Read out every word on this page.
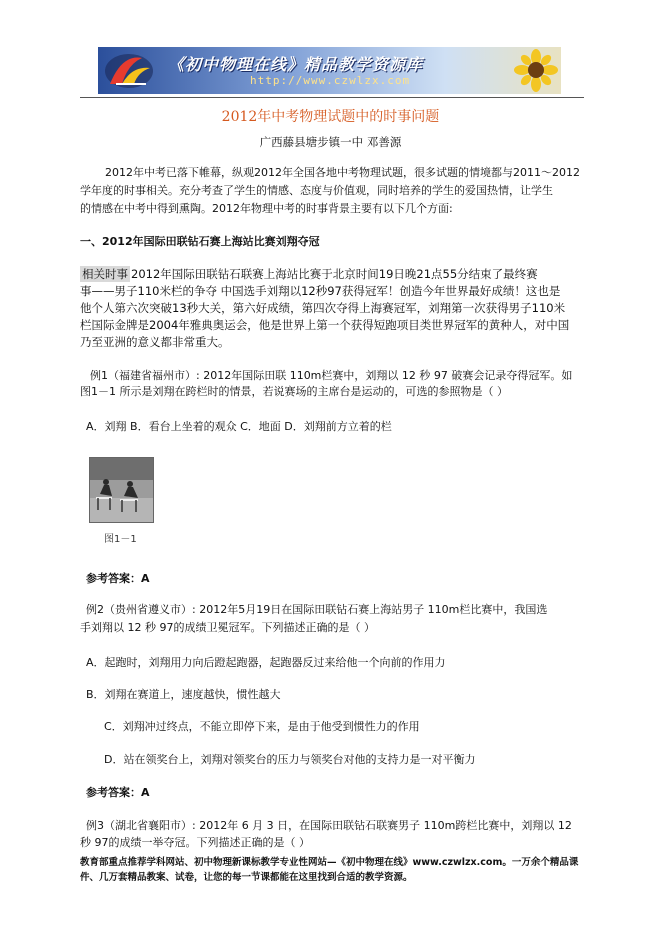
《初中物理在线》精品教学资源库
http://www.czwlzx.com
2012年中考物理试题中的时事问题
广西藤县塘步镇一中 邓善源
2012年中考已落下帷幕，纵观2012年全国各地中考物理试题，很多试题的情境都与2011～2012
学年度的时事相关。充分考查了学生的情感、态度与价值观，同时培养的学生的爱国热情，让学生
的情感在中考中得到熏陶。2012年物理中考的时事背景主要有以下几个方面:
一、2012年国际田联钻石赛上海站比赛刘翔夺冠
相关时事 2012年国际田联钻石联赛上海站比赛于北京时间19日晚21点55分结束了最终赛
事——男子110米栏的争夺 中国选手刘翔以12秒97获得冠军！创造今年世界最好成绩！这也是
他个人第六次突破13秒大关，第六好成绩，第四次夺得上海赛冠军，刘翔第一次获得男子110米
栏国际金牌是2004年雅典奥运会，他是世界上第一个获得短跑项目类世界冠军的黄种人，对中国
乃至亚洲的意义都非常重大。
例1（福建省福州市）: 2012年国际田联 110m栏赛中，刘翔以 12 秒 97 破赛会记录夺得冠军。如
图1－1 所示是刘翔在跨栏时的情景，若说赛场的主席台是运动的，可选的参照物是（ ）
A．刘翔 B．看台上坐着的观众 C．地面 D．刘翔前方立着的栏
图1－1
参考答案：A
例2（贵州省遵义市）: 2012年5月19日在国际田联钻石赛上海站男子 110m栏比赛中，我国选
手刘翔以 12 秒 97的成绩卫冕冠军。下列描述正确的是（ ）
A．起跑时，刘翔用力向后蹬起跑器，起跑器反过来给他一个向前的作用力
B．刘翔在赛道上，速度越快，惯性越大
C．刘翔冲过终点，不能立即停下来，是由于他受到惯性力的作用
D．站在领奖台上，刘翔对领奖台的压力与领奖台对他的支持力是一对平衡力
参考答案：A
例3（湖北省襄阳市）: 2012年 6 月 3 日，在国际田联钻石联赛男子 110m跨栏比赛中，刘翔以 12
秒 97的成绩一举夺冠。下列描述正确的是（ ）
教育部重点推荐学科网站、初中物理新课标教学专业性网站—《初中物理在线》www.czwlzx.com。一万余个精品课
件、几万套精品教案、试卷，让您的每一节课都能在这里找到合适的教学资源。
